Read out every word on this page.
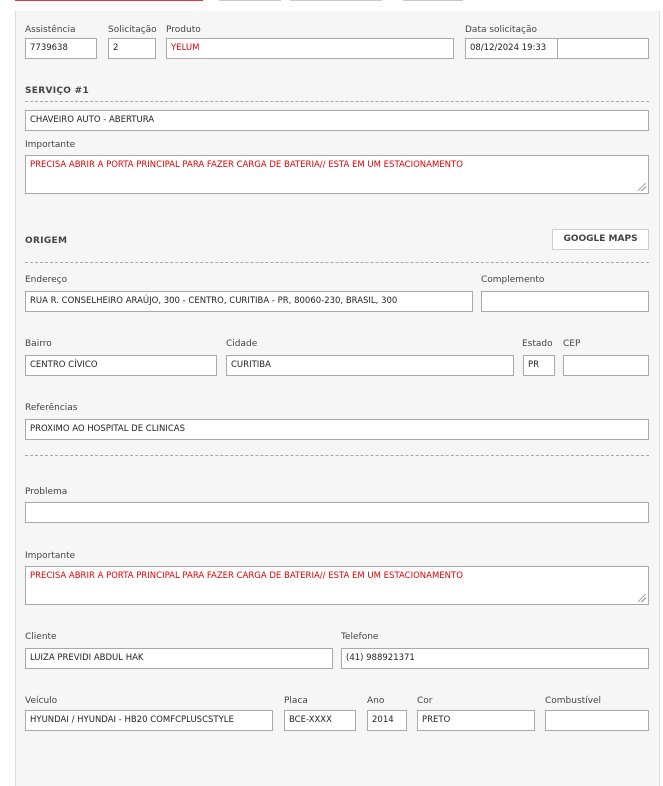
Assistência
7739638
Solicitação
2
Produto
YELUM
Data solicitação
08/12/2024 19:33
SERVIÇO #1
CHAVEIRO AUTO - ABERTURA
Importante
PRECISA ABRIR A PORTA PRINCIPAL PARA FAZER CARGA DE BATERIA// ESTA EM UM ESTACIONAMENTO
ORIGEM	GOOGLE MAPS
Endereço
RUA R. CONSELHEIRO ARAÚJO, 300 - CENTRO, CURITIBA - PR, 80060-230, BRASIL, 300
Complemento
Bairro
CENTRO CÍVICO
Cidade
CURITIBA
Estado
PR
CEP
Referências
PROXIMO AO HOSPITAL DE CLINICAS
Problema
Importante
PRECISA ABRIR A PORTA PRINCIPAL PARA FAZER CARGA DE BATERIA// ESTA EM UM ESTACIONAMENTO
Cliente
LUIZA PREVIDI ABDUL HAK
Telefone
(41) 988921371
Veículo
HYUNDAI / HYUNDAI - HB20 COMFCPLUSCSTYLE
Placa
BCE-XXXX
Ano
2014
Cor
PRETO
Combustível
